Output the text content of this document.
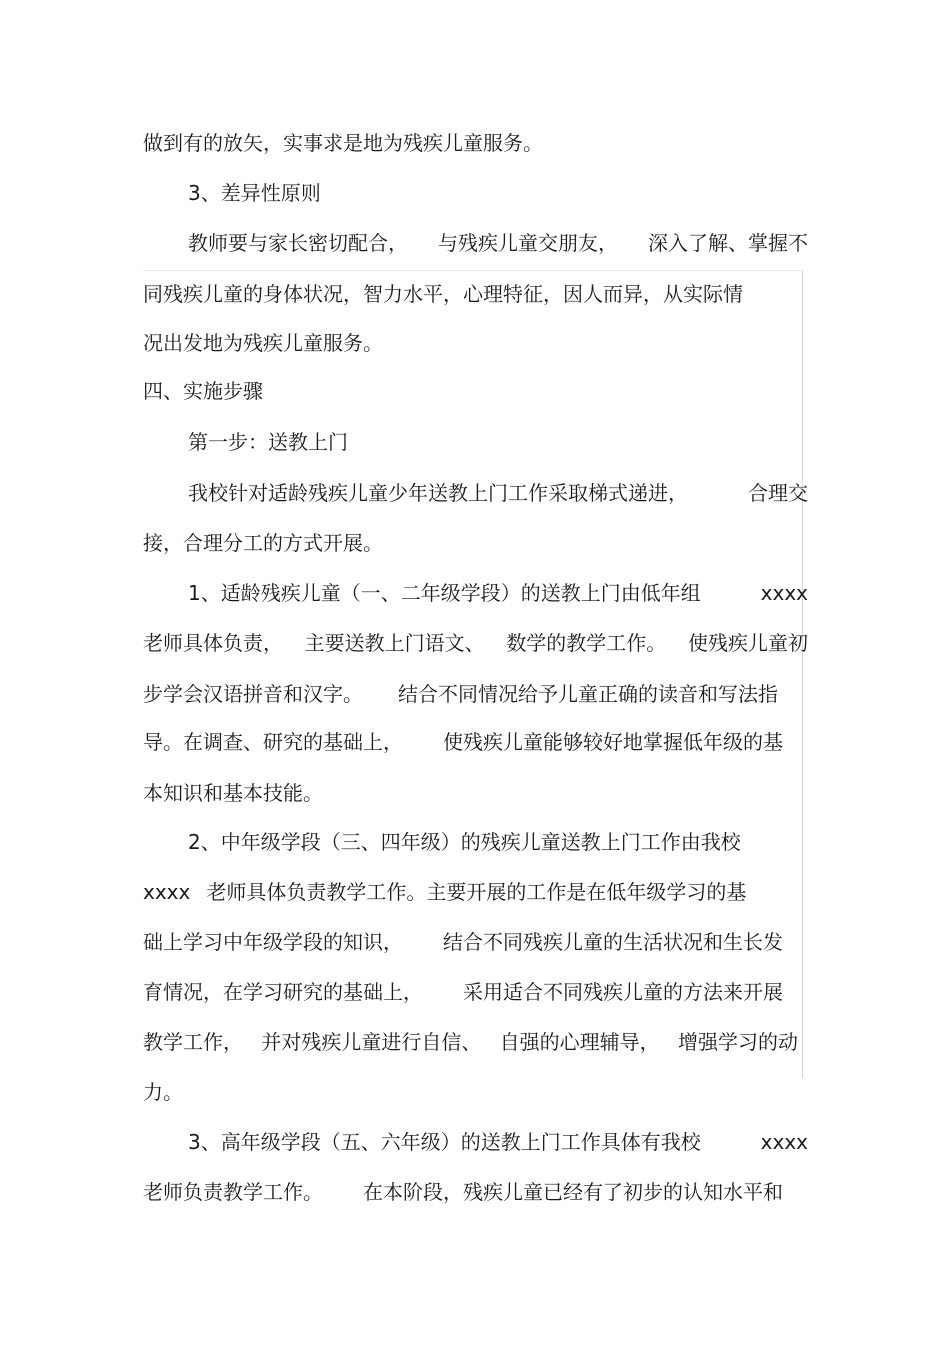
做到有的放矢，实事求是地为残疾儿童服务。
3、差异性原则
教师要与家长密切配合， 与残疾儿童交朋友， 深入了解、掌握不
同残疾儿童的身体状况，智力水平，心理特征，因人而异，从实际情
况出发地为残疾儿童服务。
四、实施步骤
第一步：送教上门
我校针对适龄残疾儿童少年送教上门工作采取梯式递进，	合理交
接，合理分工的方式开展。
1、适龄残疾儿童（一、二年级学段）的送教上门由低年组	xxxx
老师具体负责， 主要送教上门语文、 数学的教学工作。 使残疾儿童初
步学会汉语拼音和汉字。 结合不同情况给予儿童正确的读音和写法指
导。在调查、研究的基础上， 使残疾儿童能够较好地掌握低年级的基
本知识和基本技能。
2、中年级学段（三、四年级）的残疾儿童送教上门工作由我校
xxxx 老师具体负责教学工作。主要开展的工作是在低年级学习的基
础上学习中年级学段的知识， 结合不同残疾儿童的生活状况和生长发
育情况，在学习研究的基础上， 采用适合不同残疾儿童的方法来开展
教学工作， 并对残疾儿童进行自信、 自强的心理辅导， 增强学习的动
力。
3、高年级学段（五、六年级）的送教上门工作具体有我校	xxxx
老师负责教学工作。 在本阶段，残疾儿童已经有了初步的认知水平和
